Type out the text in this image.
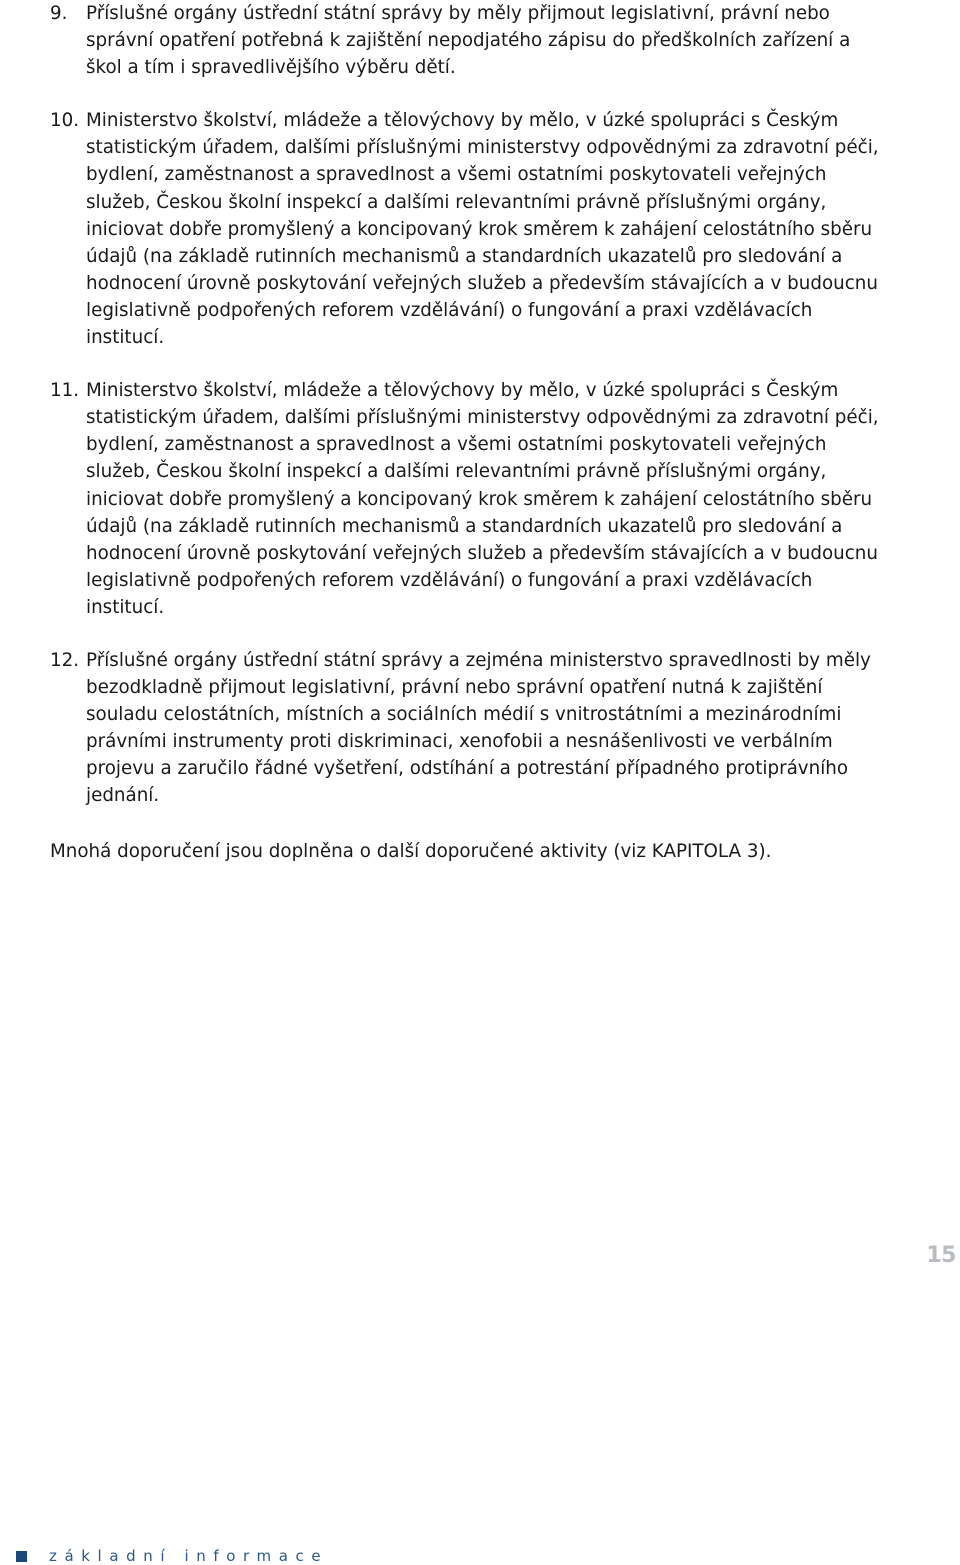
9. Příslušné orgány ústřední státní správy by měly přijmout legislativní, právní nebo správní opatření potřebná k zajištění nepodjatého zápisu do předškolních zařízení a škol a tím i spravedlivějšího výběru dětí.
10. Ministerstvo školství, mládeže a tělovýchovy by mělo, v úzké spolupráci s Českým statistickým úřadem, dalšími příslušnými ministerstvy odpovědnými za zdravotní péči, bydlení, zaměstnanost a spravedlnost a všemi ostatními poskytovateli veřejných služeb, Českou školní inspekcí a dalšími relevantními právně příslušnými orgány, iniciovat dobře promyšlený a koncipovaný krok směrem k zahájení celostátního sběru údajů (na základě rutinních mechanismů a standardních ukazatelů pro sledování a hodnocení úrovně poskytování veřejných služeb a především stávajících a v budoucnu legislativně podpořených reforem vzdělávání) o fungování a praxi vzdělávacích institucí.
11. Ministerstvo školství, mládeže a tělovýchovy by mělo, v úzké spolupráci s Českým statistickým úřadem, dalšími příslušnými ministerstvy odpovědnými za zdravotní péči, bydlení, zaměstnanost a spravedlnost a všemi ostatními poskytovateli veřejných služeb, Českou školní inspekcí a dalšími relevantními právně příslušnými orgány, iniciovat dobře promyšlený a koncipovaný krok směrem k zahájení celostátního sběru údajů (na základě rutinních mechanismů a standardních ukazatelů pro sledování a hodnocení úrovně poskytování veřejných služeb a především stávajících a v budoucnu legislativně podpořených reforem vzdělávání) o fungování a praxi vzdělávacích institucí.
12. Příslušné orgány ústřední státní správy a zejména ministerstvo spravedlnosti by měly bezodkladně přijmout legislativní, právní nebo správní opatření nutná k zajištění souladu celostátních, místních a sociálních médií s vnitrostátními a mezinárodními právními instrumenty proti diskriminaci, xenofobii a nesnášenlivosti ve verbálním projevu a zaručilo řádné vyšetření, odstíhání a potrestání případného protiprávního jednání.

Mnohá doporučení jsou doplněna o další doporučené aktivity (viz KAPITOLA 3).

15
základní informace
